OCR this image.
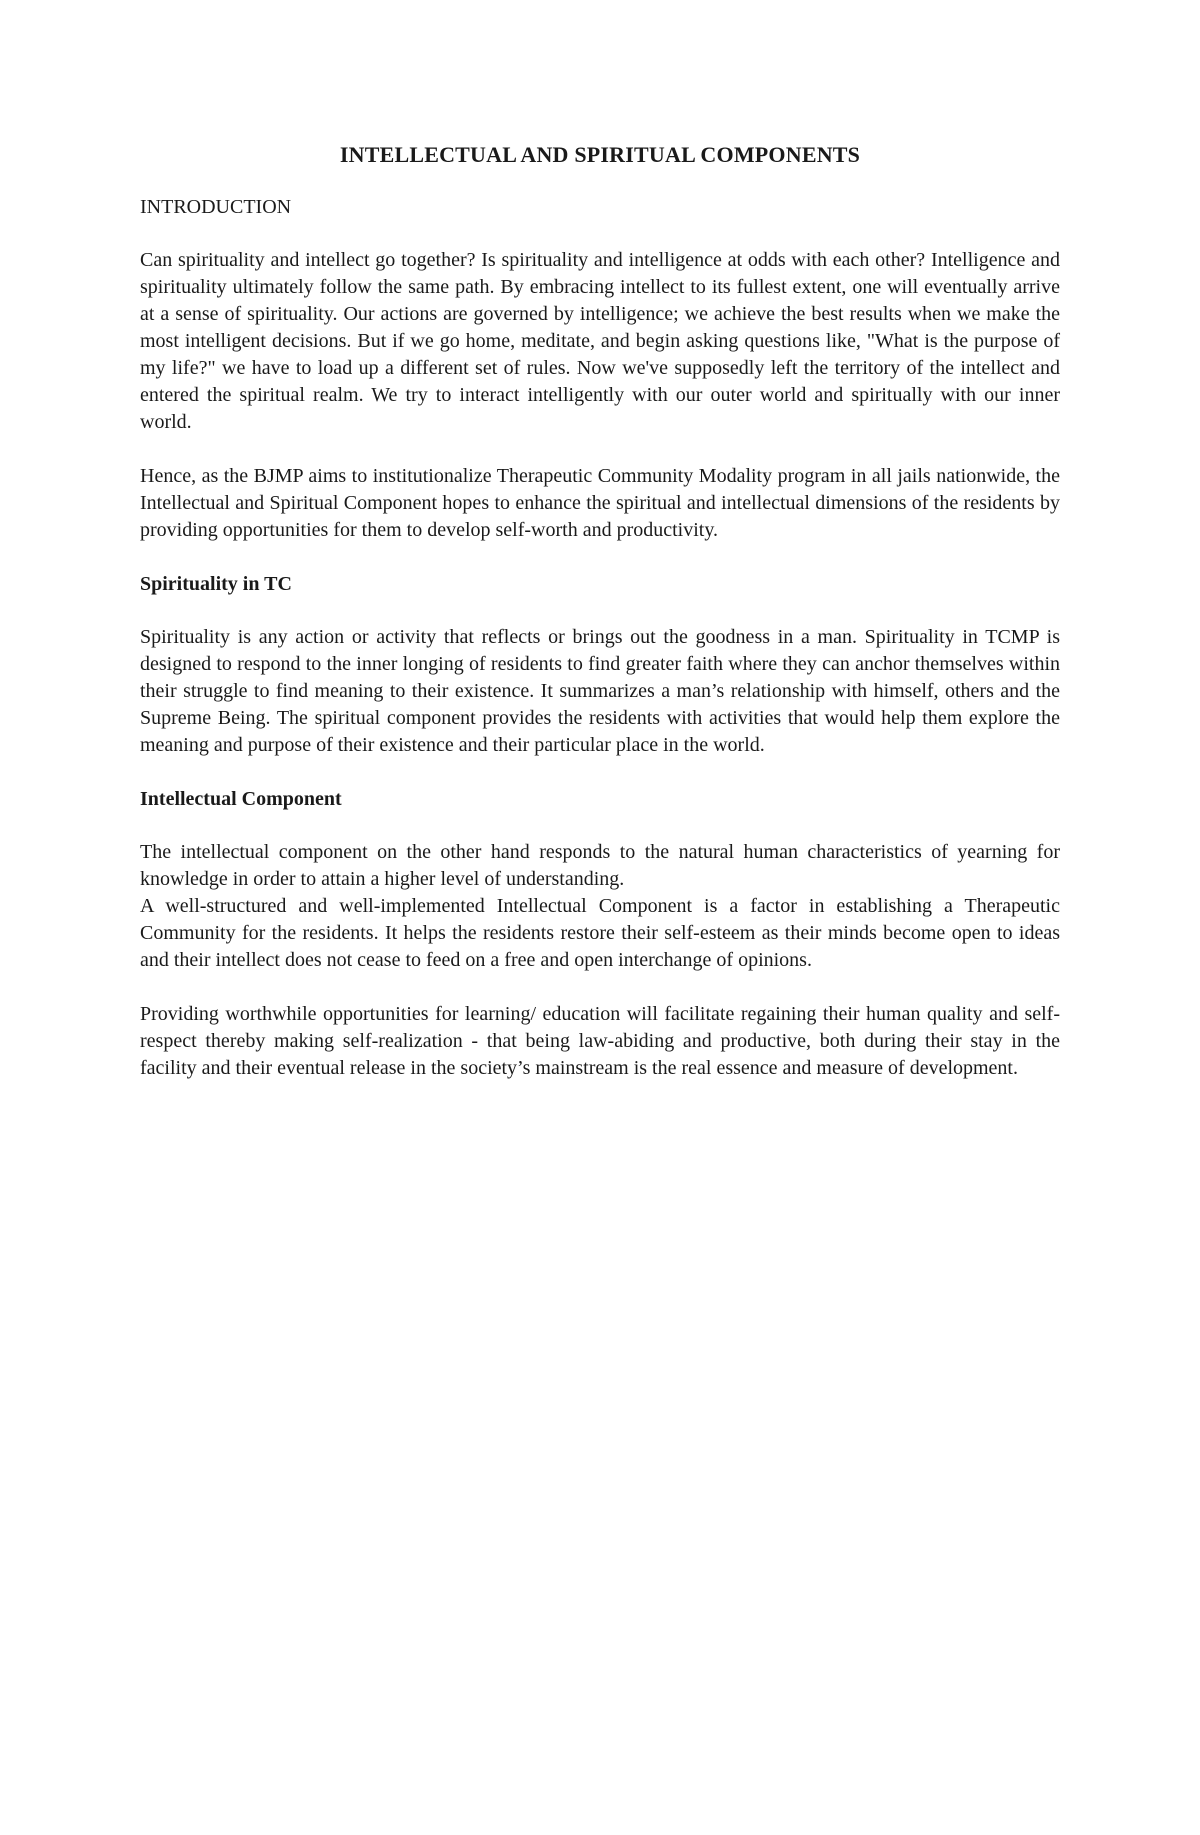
INTELLECTUAL AND SPIRITUAL COMPONENTS
INTRODUCTION

Can spirituality and intellect go together? Is spirituality and intelligence at odds with each other? Intelligence and spirituality ultimately follow the same path. By embracing intellect to its fullest extent, one will eventually arrive at a sense of spirituality. Our actions are governed by intelligence; we achieve the best results when we make the most intelligent decisions. But if we go home, meditate, and begin asking questions like, "What is the purpose of my life?" we have to load up a different set of rules. Now we've supposedly left the territory of the intellect and entered the spiritual realm. We try to interact intelligently with our outer world and spiritually with our inner world.

Hence, as the BJMP aims to institutionalize Therapeutic Community Modality program in all jails nationwide, the Intellectual and Spiritual Component hopes to enhance the spiritual and intellectual dimensions of the residents by providing opportunities for them to develop self-worth and productivity.

Spirituality in TC

Spirituality is any action or activity that reflects or brings out the goodness in a man. Spirituality in TCMP is designed to respond to the inner longing of residents to find greater faith where they can anchor themselves within their struggle to find meaning to their existence. It summarizes a man’s relationship with himself, others and the Supreme Being. The spiritual component provides the residents with activities that would help them explore the meaning and purpose of their existence and their particular place in the world.

Intellectual Component

The intellectual component on the other hand responds to the natural human characteristics of yearning for knowledge in order to attain a higher level of understanding.

A well-structured and well-implemented Intellectual Component is a factor in establishing a Therapeutic Community for the residents. It helps the residents restore their self-esteem as their minds become open to ideas and their intellect does not cease to feed on a free and open interchange of opinions.

Providing worthwhile opportunities for learning/ education will facilitate regaining their human quality and self-respect thereby making self-realization - that being law-abiding and productive, both during their stay in the facility and their eventual release in the society’s mainstream is the real essence and measure of development.
